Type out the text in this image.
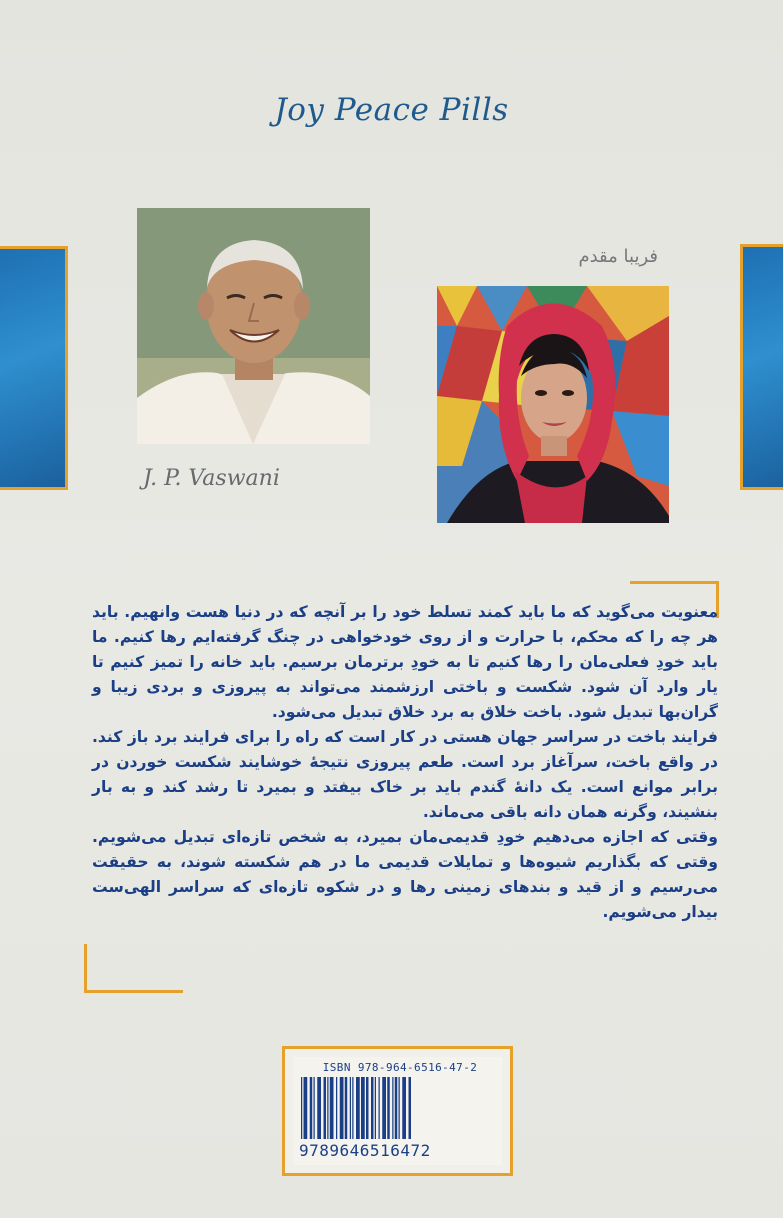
Joy Peace Pills
J. P. Vaswani
فریبا مقدم

معنویت می‌گوید که ما باید کمند تسلط خود را بر آنچه که در دنیا هست وانهیم. باید هر چه را که محکم، با حرارت و از روی خودخواهی در چنگ گرفته‌ایم رها کنیم. ما باید خودِ فعلی‌مان را رها کنیم تا به خودِ برترمان برسیم. باید خانه را تمیز کنیم تا یار وارد آن شود. شکست و باختی ارزشمند می‌تواند به پیروزی و بردی زیبا و گران‌بها تبدیل شود. باخت خلاق به برد خلاق تبدیل می‌شود.

فرایند باخت در سراسر جهان هستی در کار است که راه را برای فرایند برد باز کند. در واقع باخت، سرآغاز برد است. طعم پیروزی نتیجهٔ خوشایند شکست خوردن در برابر موانع است. یک دانهٔ گندم باید بر خاک بیفتد و بمیرد تا رشد کند و به بار بنشیند، وگرنه همان دانه باقی می‌ماند.

وقتی که اجازه می‌دهیم خودِ قدیمی‌مان بمیرد، به شخص تازه‌ای تبدیل می‌شویم. وقتی که بگذاریم شیوه‌ها و تمایلات قدیمی ما در هم شکسته شوند، به حقیقت می‌رسیم و از قید و بندهای زمینی رها و در شکوه تازه‌ای که سراسر الهی‌ست بیدار می‌شویم.

ISBN 978-964-6516-47-2
9789646516472
